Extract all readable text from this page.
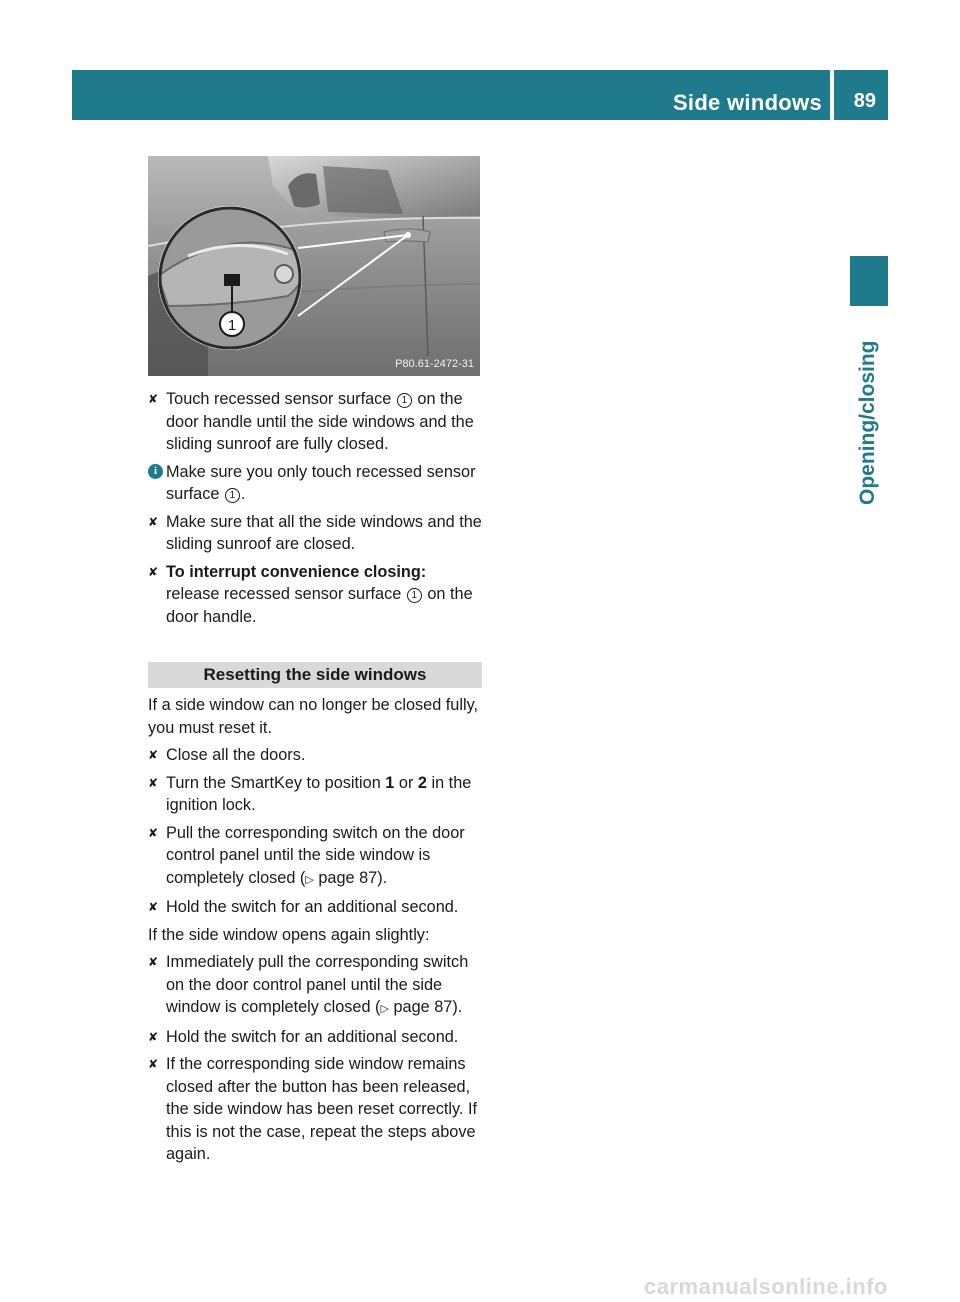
Side windows 89
Opening/closing
1
P80.61-2472-31
✘ Touch recessed sensor surface 1 on the door handle until the side windows and the sliding sunroof are fully closed.
i Make sure you only touch recessed sensor surface 1 .
✘ Make sure that all the side windows and the sliding sunroof are closed.
✘ To interrupt convenience closing: release recessed sensor surface 1 on the door handle.
Resetting the side windows
If a side window can no longer be closed fully, you must reset it.
✘ Close all the doors.
✘ Turn the SmartKey to position 1 or 2 in the ignition lock.
✘ Pull the corresponding switch on the door control panel until the side window is completely closed (▷ page 87).
✘ Hold the switch for an additional second.
If the side window opens again slightly:
✘ Immediately pull the corresponding switch on the door control panel until the side window is completely closed (▷ page 87).
✘ Hold the switch for an additional second.
✘ If the corresponding side window remains closed after the button has been released, the side window has been reset correctly. If this is not the case, repeat the steps above again.
carmanualsonline.info
